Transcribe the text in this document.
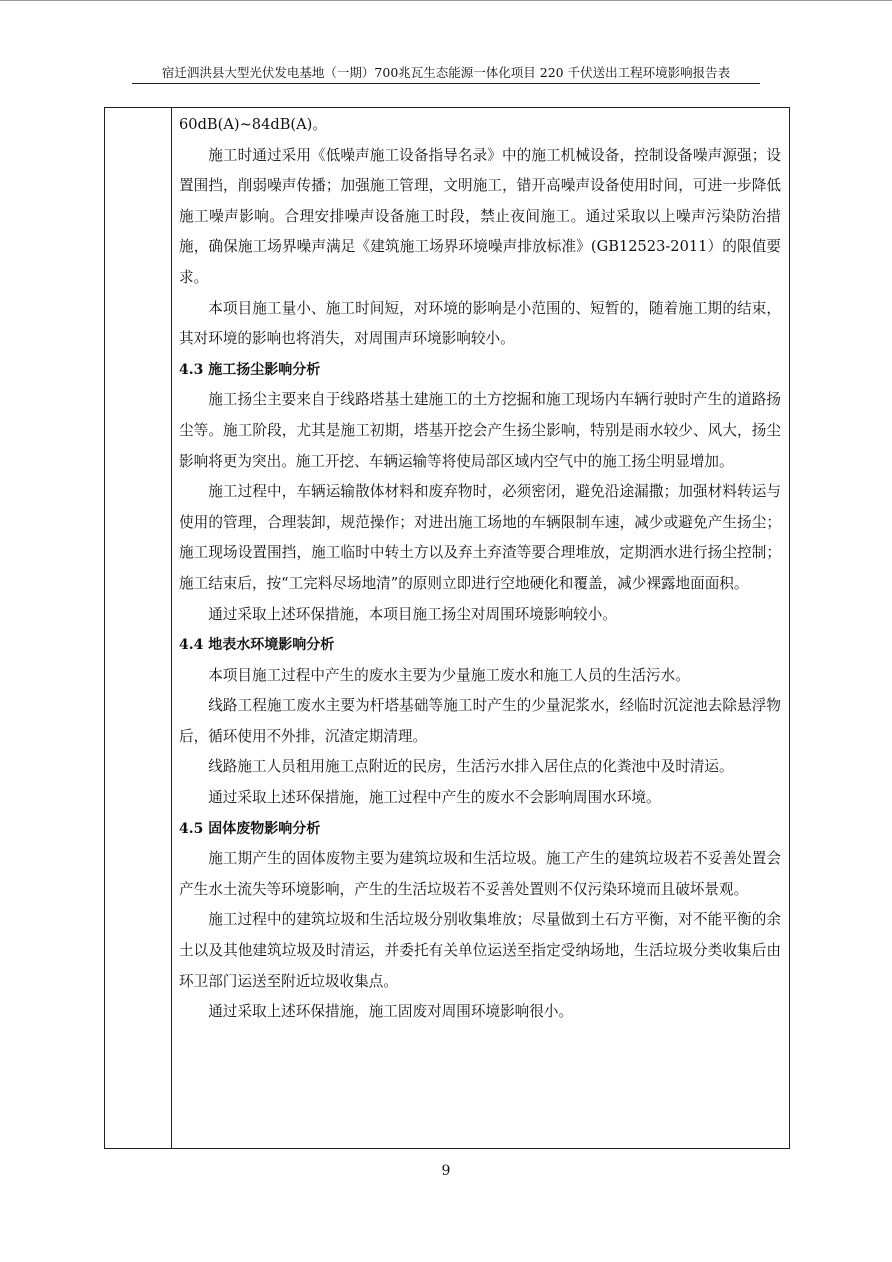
宿迁泗洪县大型光伏发电基地（一期）700兆瓦生态能源一体化项目 220 千伏送出工程环境影响报告表

60dB(A)~84dB(A)。

施工时通过采用《低噪声施工设备指导名录》中的施工机械设备，控制设备噪声源强；设置围挡，削弱噪声传播；加强施工管理，文明施工，错开高噪声设备使用时间，可进一步降低施工噪声影响。合理安排噪声设备施工时段，禁止夜间施工。通过采取以上噪声污染防治措施，确保施工场界噪声满足《建筑施工场界环境噪声排放标准》(GB12523-2011）的限值要求。

本项目施工量小、施工时间短，对环境的影响是小范围的、短暂的，随着施工期的结束，其对环境的影响也将消失，对周围声环境影响较小。

4.3 施工扬尘影响分析

施工扬尘主要来自于线路塔基土建施工的土方挖掘和施工现场内车辆行驶时产生的道路扬尘等。施工阶段，尤其是施工初期，塔基开挖会产生扬尘影响，特别是雨水较少、风大，扬尘影响将更为突出。施工开挖、车辆运输等将使局部区域内空气中的施工扬尘明显增加。

施工过程中，车辆运输散体材料和废弃物时，必须密闭，避免沿途漏撒；加强材料转运与使用的管理，合理装卸，规范操作；对进出施工场地的车辆限制车速，减少或避免产生扬尘；施工现场设置围挡，施工临时中转土方以及弃土弃渣等要合理堆放，定期洒水进行扬尘控制；施工结束后，按“工完料尽场地清”的原则立即进行空地硬化和覆盖，减少裸露地面面积。

通过采取上述环保措施，本项目施工扬尘对周围环境影响较小。

4.4 地表水环境影响分析

本项目施工过程中产生的废水主要为少量施工废水和施工人员的生活污水。

线路工程施工废水主要为杆塔基础等施工时产生的少量泥浆水，经临时沉淀池去除悬浮物后，循环使用不外排，沉渣定期清理。

线路施工人员租用施工点附近的民房，生活污水排入居住点的化粪池中及时清运。

通过采取上述环保措施，施工过程中产生的废水不会影响周围水环境。

4.5 固体废物影响分析

施工期产生的固体废物主要为建筑垃圾和生活垃圾。施工产生的建筑垃圾若不妥善处置会产生水土流失等环境影响，产生的生活垃圾若不妥善处置则不仅污染环境而且破坏景观。

施工过程中的建筑垃圾和生活垃圾分别收集堆放；尽量做到土石方平衡，对不能平衡的余土以及其他建筑垃圾及时清运，并委托有关单位运送至指定受纳场地，生活垃圾分类收集后由环卫部门运送至附近垃圾收集点。

通过采取上述环保措施，施工固废对周围环境影响很小。

9
